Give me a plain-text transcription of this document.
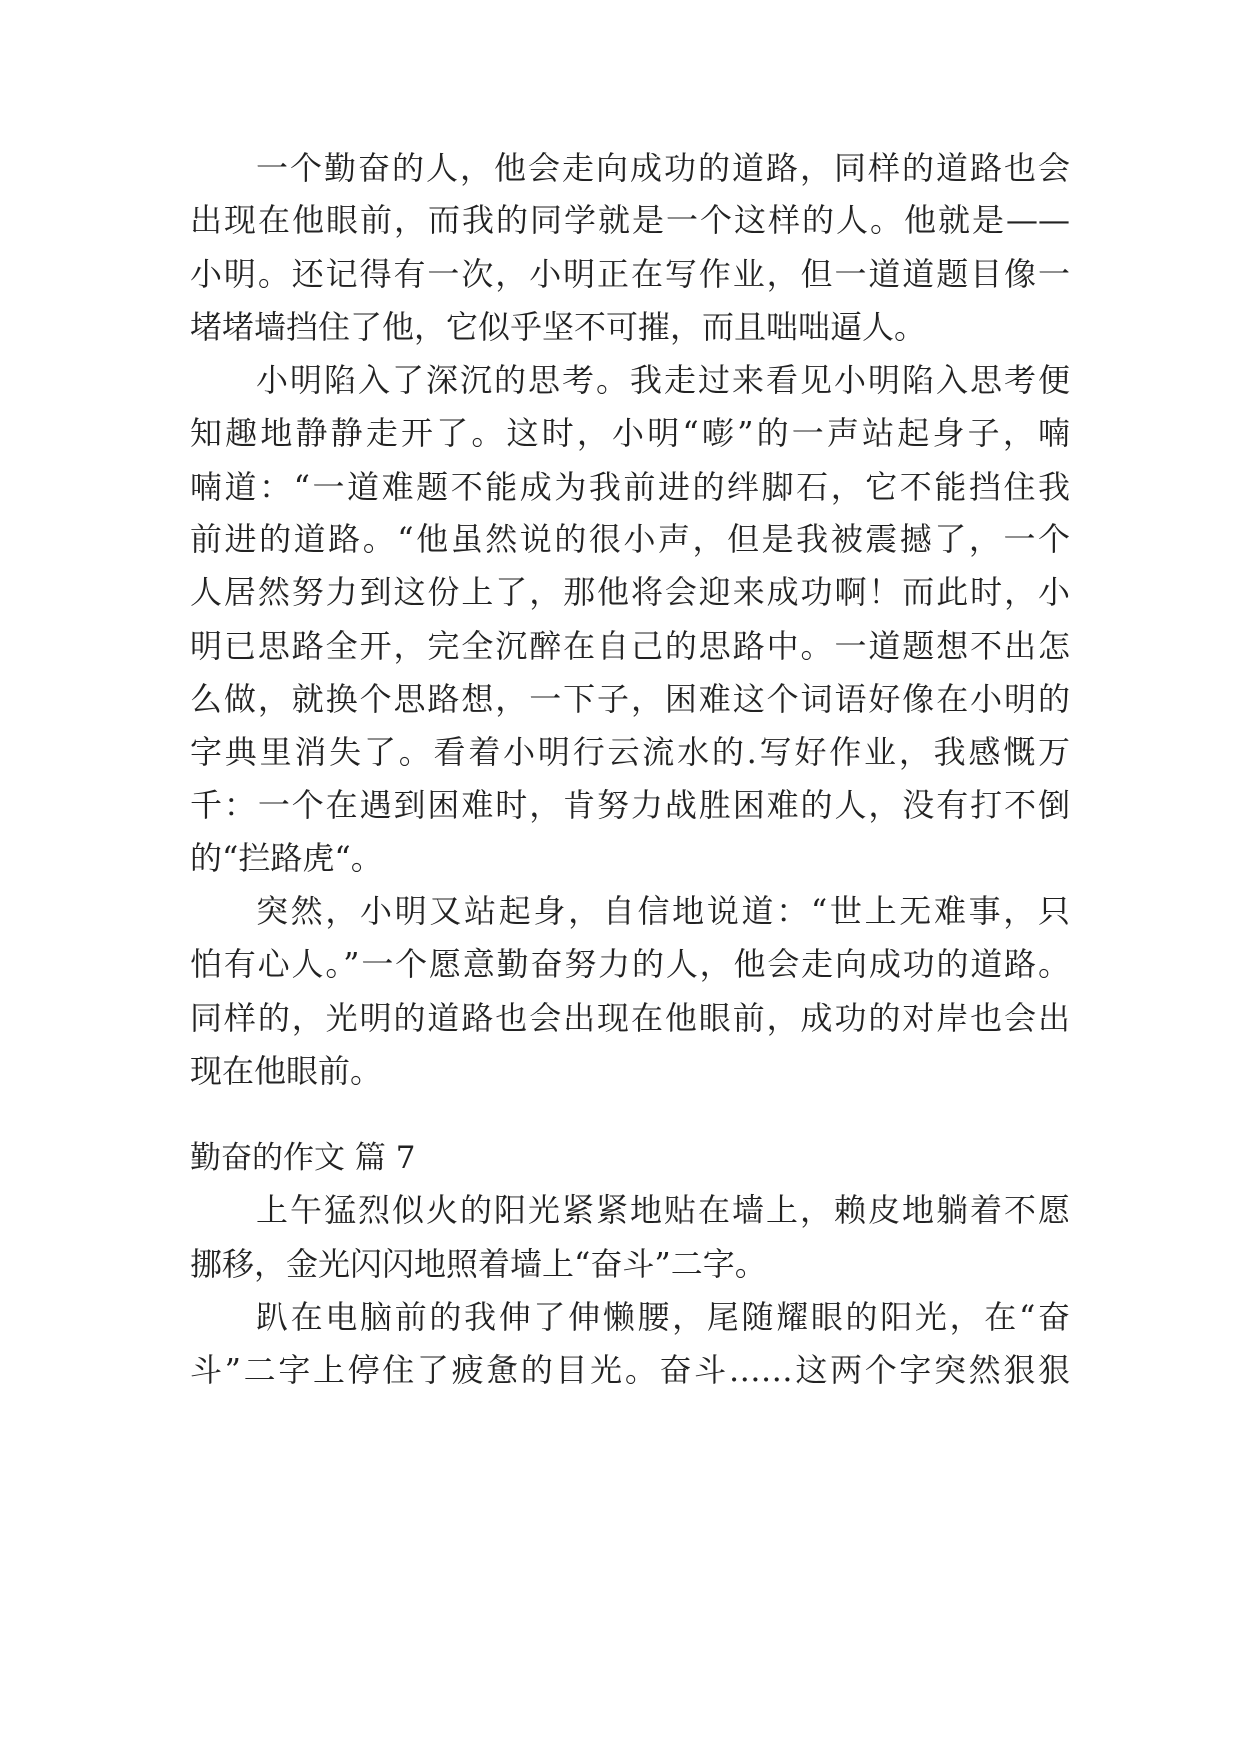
一个勤奋的人，他会走向成功的道路，同样的道路也会
出现在他眼前，而我的同学就是一个这样的人。他就是——
小明。还记得有一次，小明正在写作业，但一道道题目像一
堵堵墙挡住了他，它似乎坚不可摧，而且咄咄逼人。
小明陷入了深沉的思考。我走过来看见小明陷入思考便
知趣地静静走开了。这时，小明“嘭”的一声站起身子，喃
喃道：“一道难题不能成为我前进的绊脚石，它不能挡住我
前进的道路。“他虽然说的很小声，但是我被震撼了，一个
人居然努力到这份上了，那他将会迎来成功啊！而此时，小
明已思路全开，完全沉醉在自己的思路中。一道题想不出怎
么做，就换个思路想，一下子，困难这个词语好像在小明的
字典里消失了。看着小明行云流水的.写好作业，我感慨万
千：一个在遇到困难时，肯努力战胜困难的人，没有打不倒
的“拦路虎“。
突然，小明又站起身，自信地说道：“世上无难事，只
怕有心人。”一个愿意勤奋努力的人，他会走向成功的道路。
同样的，光明的道路也会出现在他眼前，成功的对岸也会出
现在他眼前。
勤奋的作文 篇 7
上午猛烈似火的阳光紧紧地贴在墙上，赖皮地躺着不愿
挪移，金光闪闪地照着墙上“奋斗”二字。
趴在电脑前的我伸了伸懒腰，尾随耀眼的阳光，在“奋
斗”二字上停住了疲惫的目光。奋斗……这两个字突然狠狠
